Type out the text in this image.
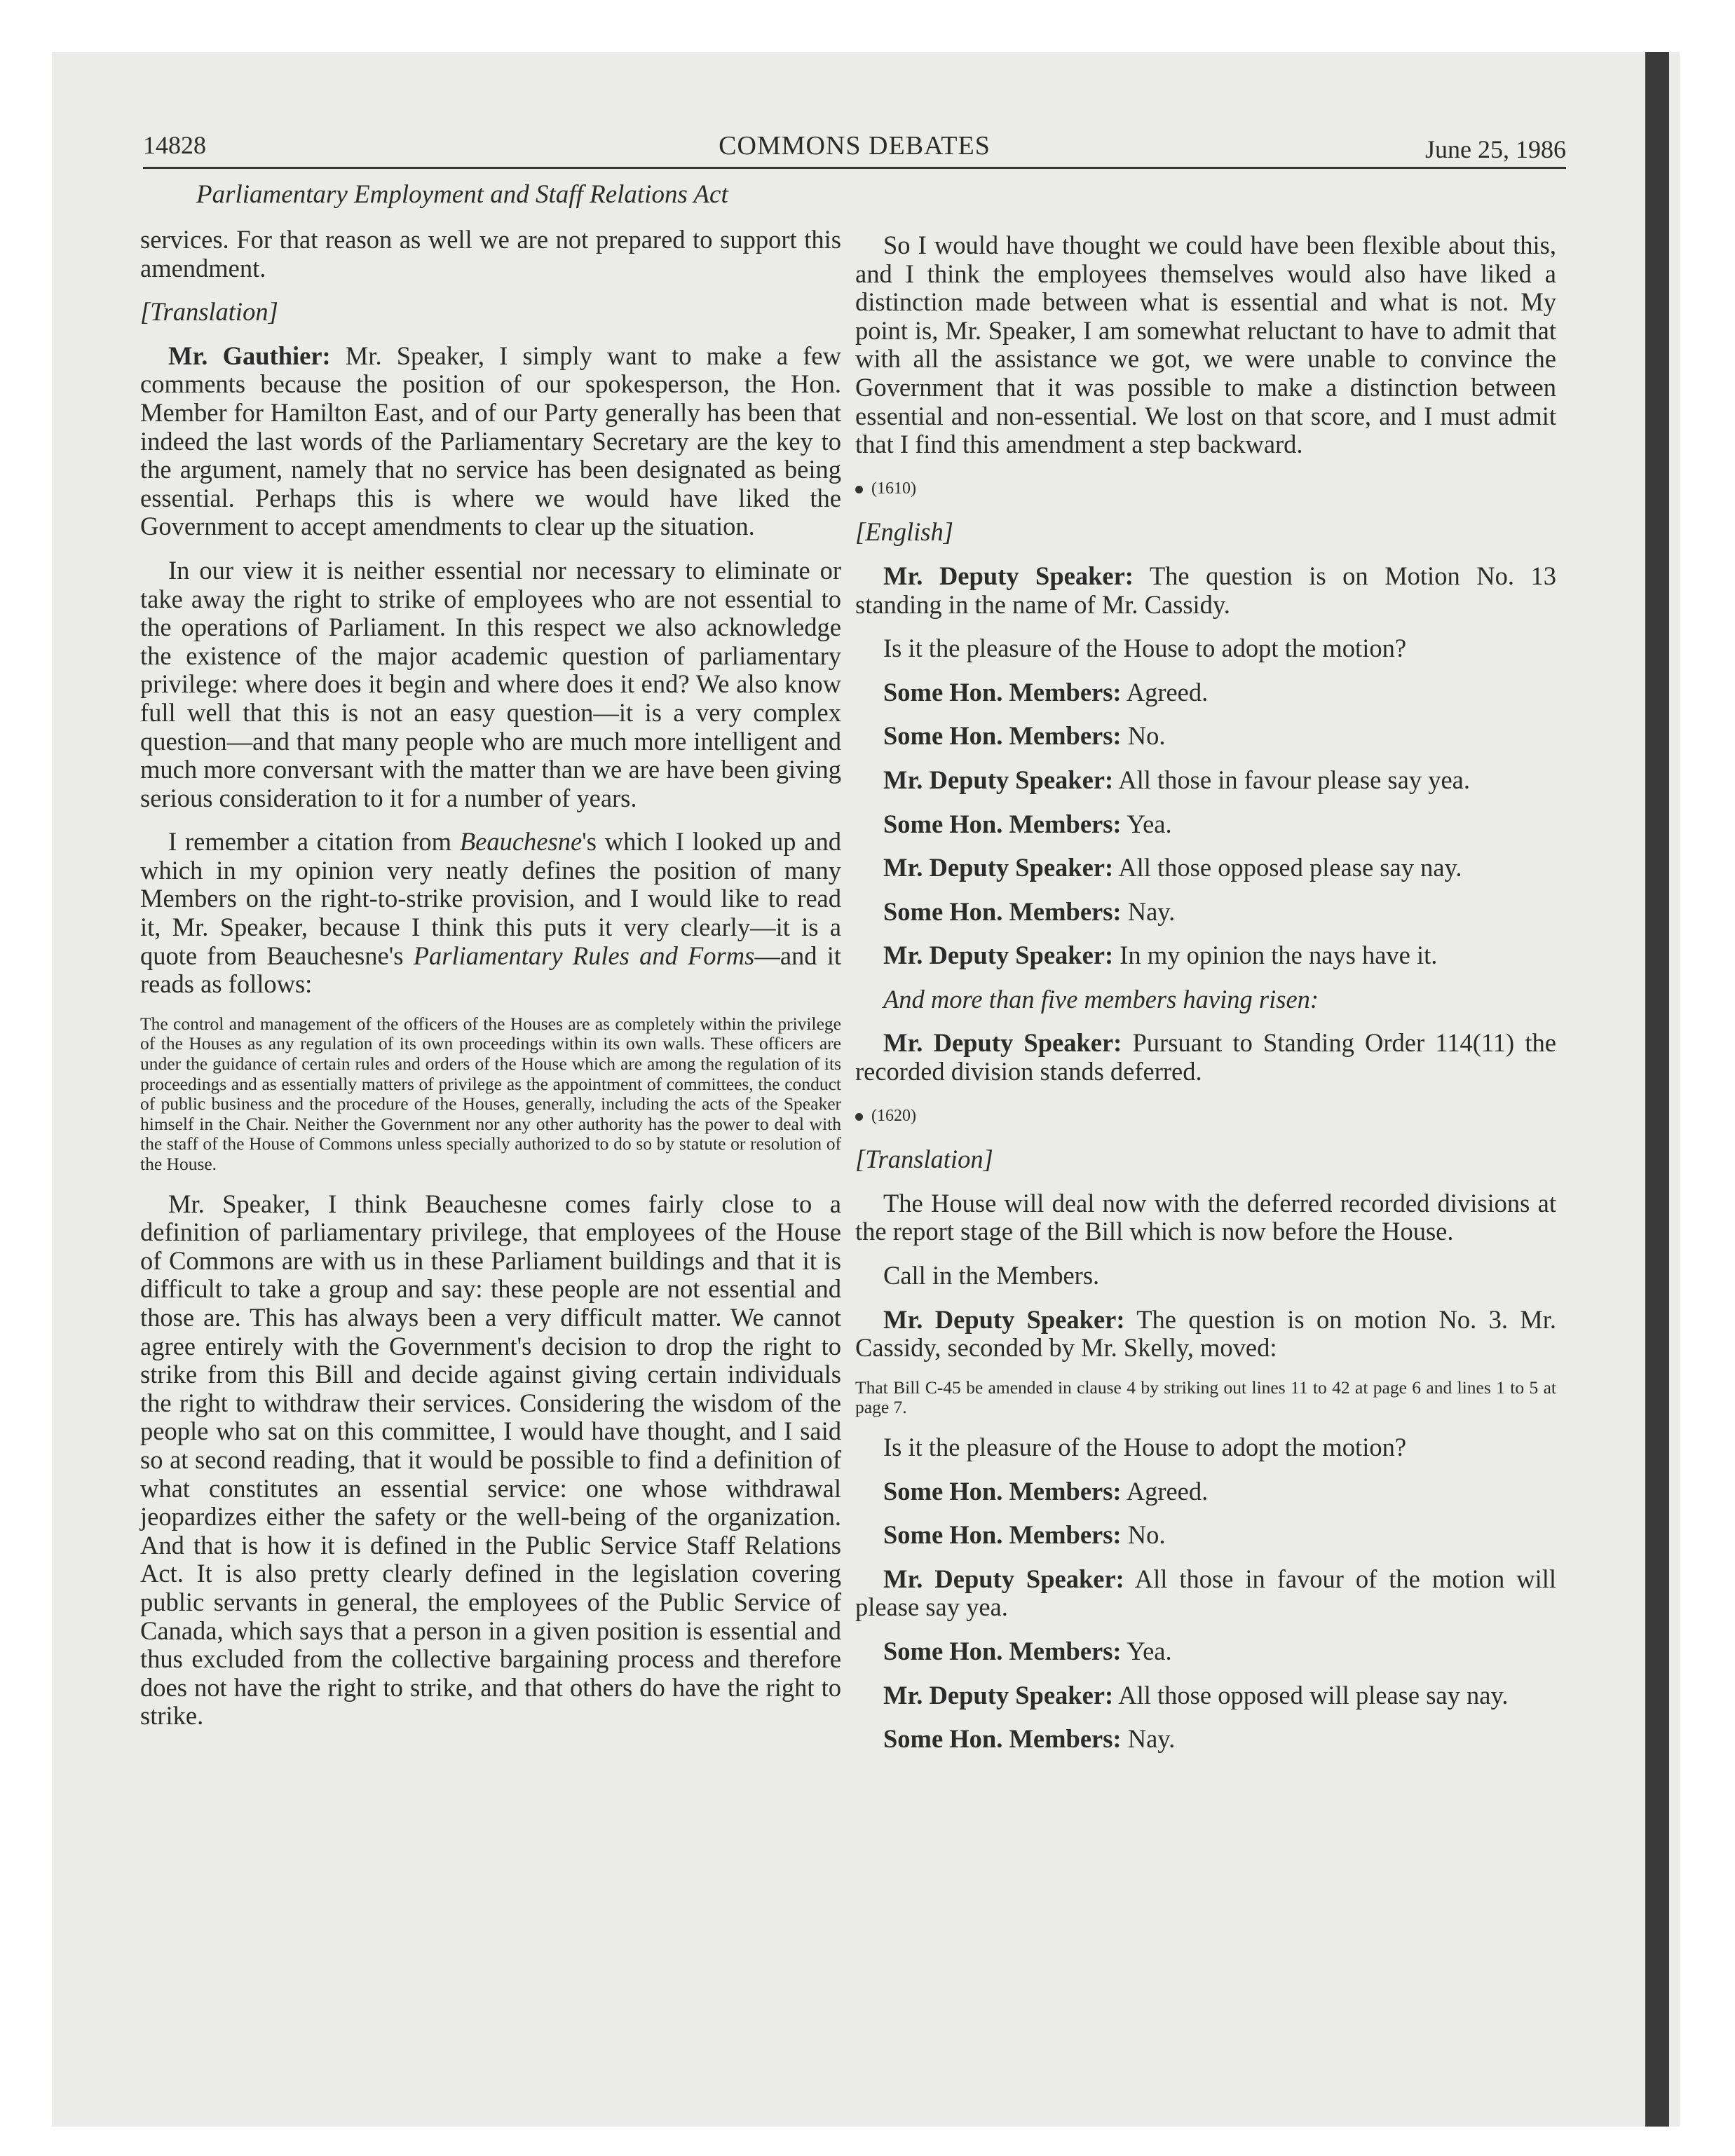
14828	COMMONS DEBATES	June 25, 1986
Parliamentary Employment and Staff Relations Act

services. For that reason as well we are not prepared to support this amendment.

[Translation]

Mr. Gauthier: Mr. Speaker, I simply want to make a few comments because the position of our spokesperson, the Hon. Member for Hamilton East, and of our Party generally has been that indeed the last words of the Parliamentary Secretary are the key to the argument, namely that no service has been designated as being essential. Perhaps this is where we would have liked the Government to accept amendments to clear up the situation.

In our view it is neither essential nor necessary to eliminate or take away the right to strike of employees who are not essential to the operations of Parliament. In this respect we also acknowledge the existence of the major academic question of parliamentary privilege: where does it begin and where does it end? We also know full well that this is not an easy question—it is a very complex question—and that many people who are much more intelligent and much more conversant with the matter than we are have been giving serious consideration to it for a number of years.

I remember a citation from Beauchesne's which I looked up and which in my opinion very neatly defines the position of many Members on the right-to-strike provision, and I would like to read it, Mr. Speaker, because I think this puts it very clearly—it is a quote from Beauchesne's Parliamentary Rules and Forms—and it reads as follows:

The control and management of the officers of the Houses are as completely within the privilege of the Houses as any regulation of its own proceedings within its own walls. These officers are under the guidance of certain rules and orders of the House which are among the regulation of its proceedings and as essentially matters of privilege as the appointment of committees, the conduct of public business and the procedure of the Houses, generally, including the acts of the Speaker himself in the Chair. Neither the Government nor any other authority has the power to deal with the staff of the House of Commons unless specially authorized to do so by statute or resolution of the House.

Mr. Speaker, I think Beauchesne comes fairly close to a definition of parliamentary privilege, that employees of the House of Commons are with us in these Parliament buildings and that it is difficult to take a group and say: these people are not essential and those are. This has always been a very difficult matter. We cannot agree entirely with the Government's decision to drop the right to strike from this Bill and decide against giving certain individuals the right to withdraw their services. Considering the wisdom of the people who sat on this committee, I would have thought, and I said so at second reading, that it would be possible to find a definition of what constitutes an essential service: one whose withdrawal jeopardizes either the safety or the well-being of the organization. And that is how it is defined in the Public Service Staff Relations Act. It is also pretty clearly defined in the legislation covering public servants in general, the employees of the Public Service of Canada, which says that a person in a given position is essential and thus excluded from the collective bargaining process and therefore does not have the right to strike, and that others do have the right to strike.

So I would have thought we could have been flexible about this, and I think the employees themselves would also have liked a distinction made between what is essential and what is not. My point is, Mr. Speaker, I am somewhat reluctant to have to admit that with all the assistance we got, we were unable to convince the Government that it was possible to make a distinction between essential and non-essential. We lost on that score, and I must admit that I find this amendment a step backward.

(1610)

[English]

Mr. Deputy Speaker: The question is on Motion No. 13 standing in the name of Mr. Cassidy.

Is it the pleasure of the House to adopt the motion?

Some Hon. Members: Agreed.

Some Hon. Members: No.

Mr. Deputy Speaker: All those in favour please say yea.

Some Hon. Members: Yea.

Mr. Deputy Speaker: All those opposed please say nay.

Some Hon. Members: Nay.

Mr. Deputy Speaker: In my opinion the nays have it.

And more than five members having risen:

Mr. Deputy Speaker: Pursuant to Standing Order 114(11) the recorded division stands deferred.

(1620)

[Translation]

The House will deal now with the deferred recorded divisions at the report stage of the Bill which is now before the House.

Call in the Members.

Mr. Deputy Speaker: The question is on motion No. 3. Mr. Cassidy, seconded by Mr. Skelly, moved:

That Bill C-45 be amended in clause 4 by striking out lines 11 to 42 at page 6 and lines 1 to 5 at page 7.

Is it the pleasure of the House to adopt the motion?

Some Hon. Members: Agreed.

Some Hon. Members: No.

Mr. Deputy Speaker: All those in favour of the motion will please say yea.

Some Hon. Members: Yea.

Mr. Deputy Speaker: All those opposed will please say nay.

Some Hon. Members: Nay.
